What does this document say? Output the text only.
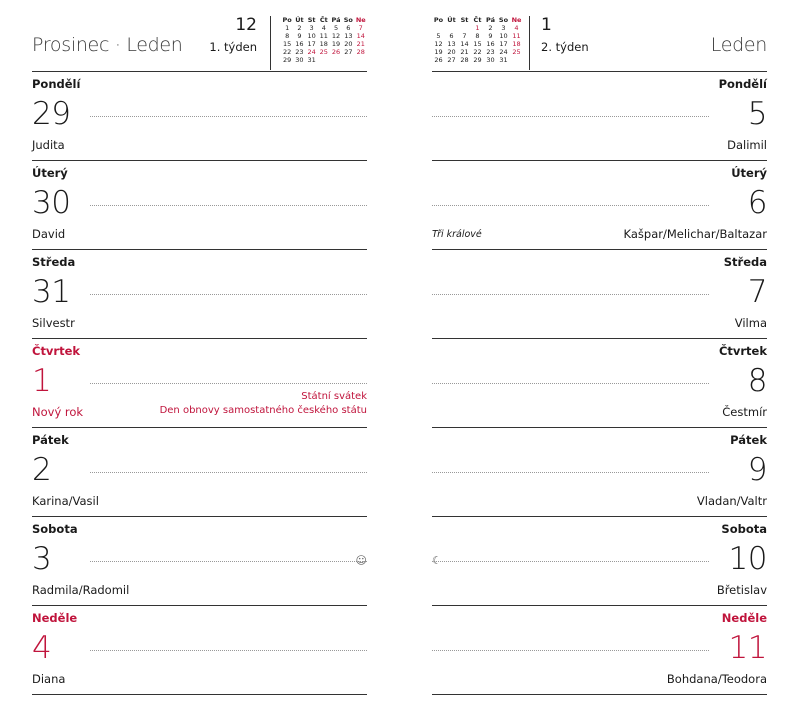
Prosinec · Leden
12
1. týden
Po	Út	St	Čt	Pá	So	Ne
1	2	3	4	5	6	7
8	9	10	11	12	13	14
15	16	17	18	19	20	21
22	23	24	25	26	27	28
29	30	31				
Pondělí
29
Judita
Úterý
30
David
Středa
31
Silvestr
Čtvrtek
1	Státní svátek
Den obnovy samostatného českého státu
Nový rok
Pátek
2
Karina/Vasil
Sobota
3	☺
Radmila/Radomil
Neděle
4
Diana
Po	Út	St	Čt	Pá	So	Ne
			1	2	3	4
5	6	7	8	9	10	11
12	13	14	15	16	17	18
19	20	21	22	23	24	25
26	27	28	29	30	31	
1
2. týden	Leden
Pondělí
5
Dalimil
Úterý
6
Tři králové	Kašpar/Melichar/Baltazar
Středa
7
Vilma
Čtvrtek
8
Čestmír
Pátek
9
Vladan/Valtr
Sobota
10
☾
Břetislav
Neděle
11
Bohdana/Teodora
